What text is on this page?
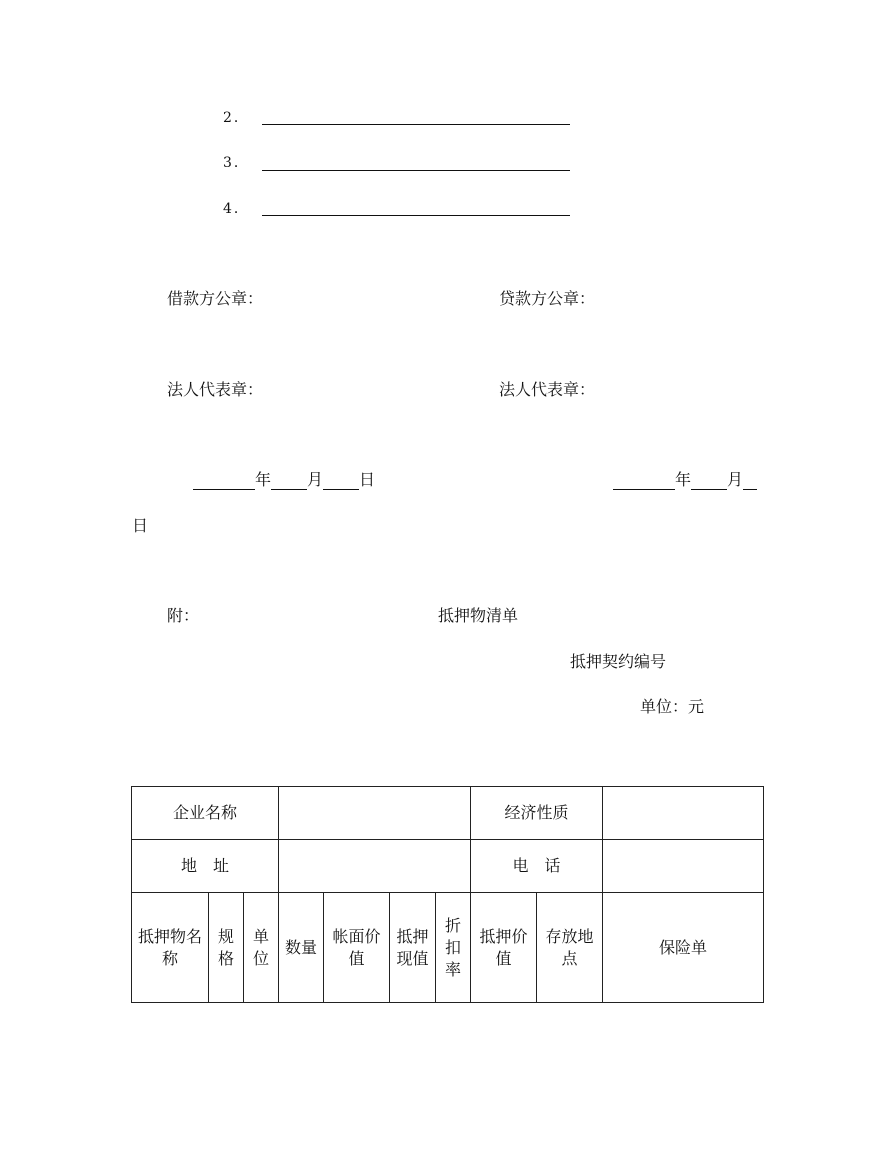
2．
3．
4．
借款方公章：	贷款方公章：
法人代表章：	法人代表章：
年 月 日	年 月
日
附：	抵押物清单
抵押契约编号
单位：元
企业名称							经济性质		
地　址							电　话		
抵押物名称	规格	单位	数量	帐面价值	抵押现值	折扣率	抵押价值	存放地点	保险单
